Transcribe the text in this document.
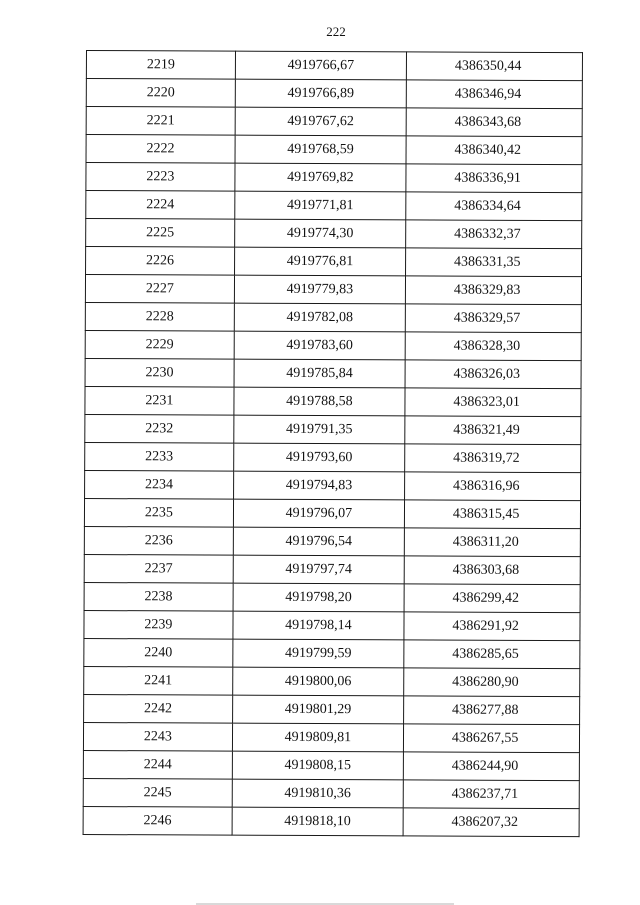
222
2219	4919766,67	4386350,44
2220	4919766,89	4386346,94
2221	4919767,62	4386343,68
2222	4919768,59	4386340,42
2223	4919769,82	4386336,91
2224	4919771,81	4386334,64
2225	4919774,30	4386332,37
2226	4919776,81	4386331,35
2227	4919779,83	4386329,83
2228	4919782,08	4386329,57
2229	4919783,60	4386328,30
2230	4919785,84	4386326,03
2231	4919788,58	4386323,01
2232	4919791,35	4386321,49
2233	4919793,60	4386319,72
2234	4919794,83	4386316,96
2235	4919796,07	4386315,45
2236	4919796,54	4386311,20
2237	4919797,74	4386303,68
2238	4919798,20	4386299,42
2239	4919798,14	4386291,92
2240	4919799,59	4386285,65
2241	4919800,06	4386280,90
2242	4919801,29	4386277,88
2243	4919809,81	4386267,55
2244	4919808,15	4386244,90
2245	4919810,36	4386237,71
2246	4919818,10	4386207,32
